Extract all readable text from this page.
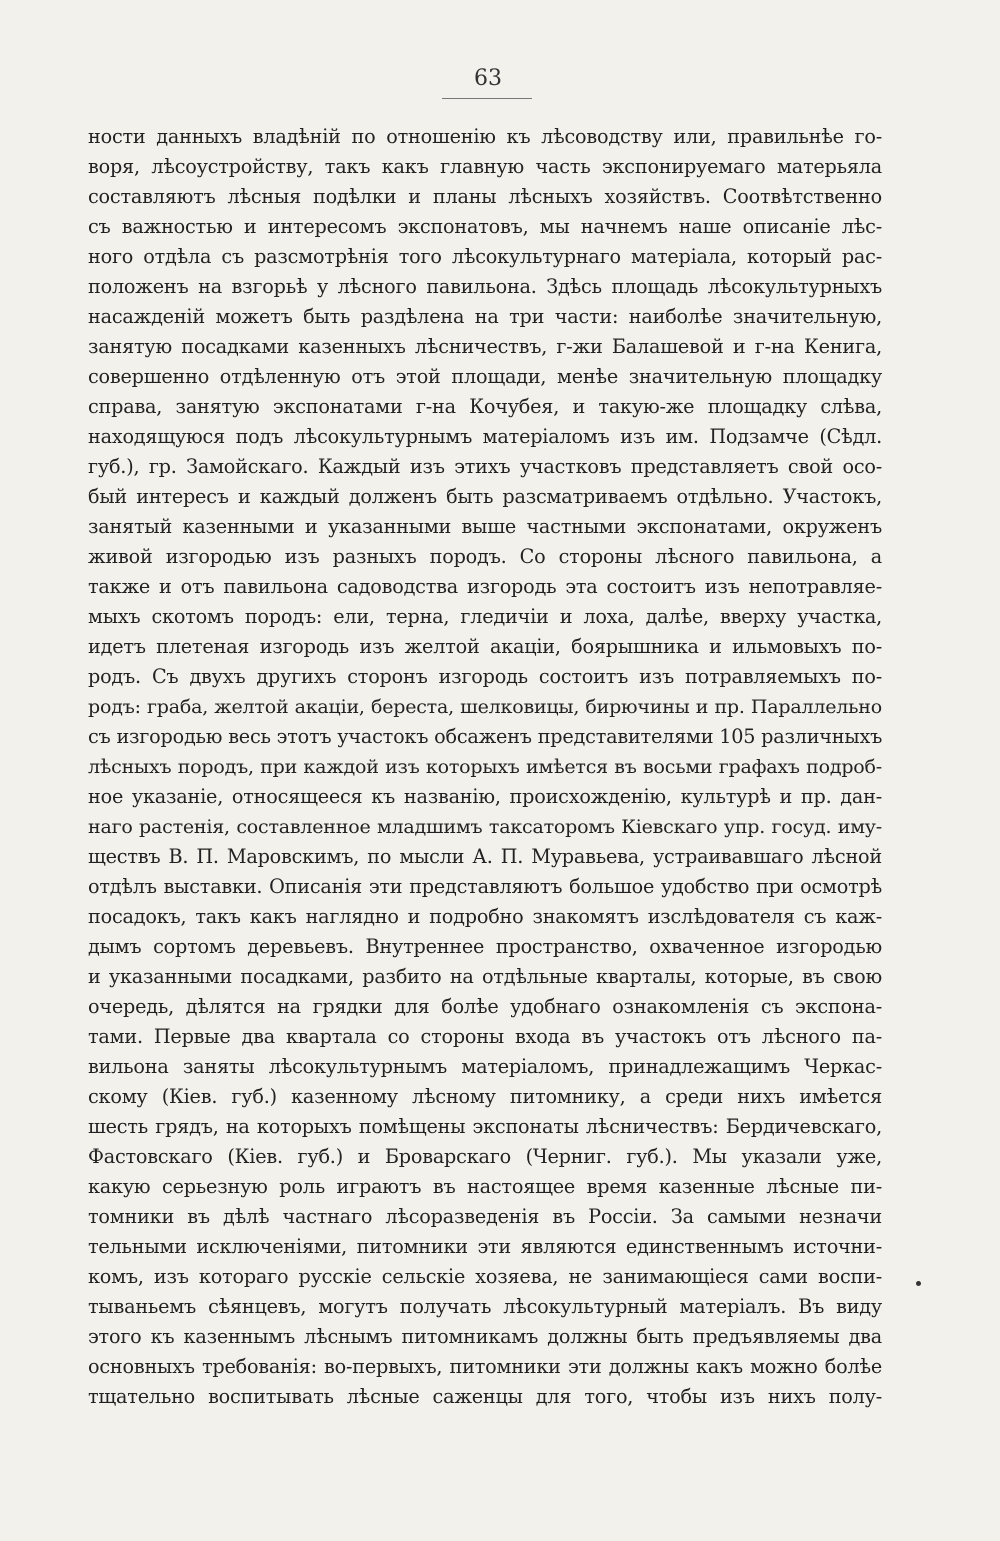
63
ности данныхъ владѣній по отношенію къ лѣсоводству или, правильнѣе го-
воря, лѣсоустройству, такъ какъ главную часть экспонируемаго матерьяла
составляютъ лѣсныя подѣлки и планы лѣсныхъ хозяйствъ. Соотвѣтственно
съ важностью и интересомъ экспонатовъ, мы начнемъ наше описаніе лѣс-
ного отдѣла съ разсмотрѣнія того лѣсокультурнаго матеріала, который рас-
положенъ на взгорьѣ у лѣсного павильона. Здѣсь площадь лѣсокультурныхъ
насажденій можетъ быть раздѣлена на три части: наиболѣе значительную,
занятую посадками казенныхъ лѣсничествъ, г-жи Балашевой и г-на Кенига,
совершенно отдѣленную отъ этой площади, менѣе значительную площадку
справа, занятую экспонатами г-на Кочубея, и такую-же площадку слѣва,
находящуюся подъ лѣсокультурнымъ матеріаломъ изъ им. Подзамче (Сѣдл.
губ.), гр. Замойскаго. Каждый изъ этихъ участковъ представляетъ свой осо-
бый интересъ и каждый долженъ быть разсматриваемъ отдѣльно. Участокъ,
занятый казенными и указанными выше частными экспонатами, окруженъ
живой изгородью изъ разныхъ породъ. Со стороны лѣсного павильона, а
также и отъ павильона садоводства изгородь эта состоитъ изъ непотравляе-
мыхъ скотомъ породъ: ели, терна, гледичіи и лоха, далѣе, вверху участка,
идетъ плетеная изгородь изъ желтой акаціи, боярышника и ильмовыхъ по-
родъ. Съ двухъ другихъ сторонъ изгородь состоитъ изъ потравляемыхъ по-
родъ: граба, желтой акаціи, береста, шелковицы, бирючины и пр. Параллельно
съ изгородью весь этотъ участокъ обсаженъ представителями 105 различныхъ
лѣсныхъ породъ, при каждой изъ которыхъ имѣется въ восьми графахъ подроб-
ное указаніе, относящееся къ названію, происхожденію, культурѣ и пр. дан-
наго растенія, составленное младшимъ таксаторомъ Кіевскаго упр. госуд. иму-
ществъ В. П. Маровскимъ, по мысли А. П. Муравьева, устраивавшаго лѣсной
отдѣлъ выставки. Описанія эти представляютъ большое удобство при осмотрѣ
посадокъ, такъ какъ наглядно и подробно знакомятъ изслѣдователя съ каж-
дымъ сортомъ деревьевъ. Внутреннее пространство, охваченное изгородью
и указанными посадками, разбито на отдѣльные кварталы, которые, въ свою
очередь, дѣлятся на грядки для болѣе удобнаго ознакомленія съ экспона-
тами. Первые два квартала со стороны входа въ участокъ отъ лѣсного па-
вильона заняты лѣсокультурнымъ матеріаломъ, принадлежащимъ Черкас-
скому (Кіев. губ.) казенному лѣсному питомнику, а среди нихъ имѣется
шесть грядъ, на которыхъ помѣщены экспонаты лѣсничествъ: Бердичевскаго,
Фастовскаго (Кіев. губ.) и Броварскаго (Черниг. губ.). Мы указали уже,
какую серьезную роль играютъ въ настоящее время казенные лѣсные пи-
томники въ дѣлѣ частнаго лѣсоразведенія въ Россіи. За самыми незначи
тельными исключеніями, питомники эти являются единственнымъ источни-
комъ, изъ котораго русскіе сельскіе хозяева, не занимающіеся сами воспи-
тываньемъ сѣянцевъ, могутъ получать лѣсокультурный матеріалъ. Въ виду
этого къ казеннымъ лѣснымъ питомникамъ должны быть предъявляемы два
основныхъ требованія: во-первыхъ, питомники эти должны какъ можно болѣе
тщательно воспитывать лѣсные саженцы для того, чтобы изъ нихъ полу-
